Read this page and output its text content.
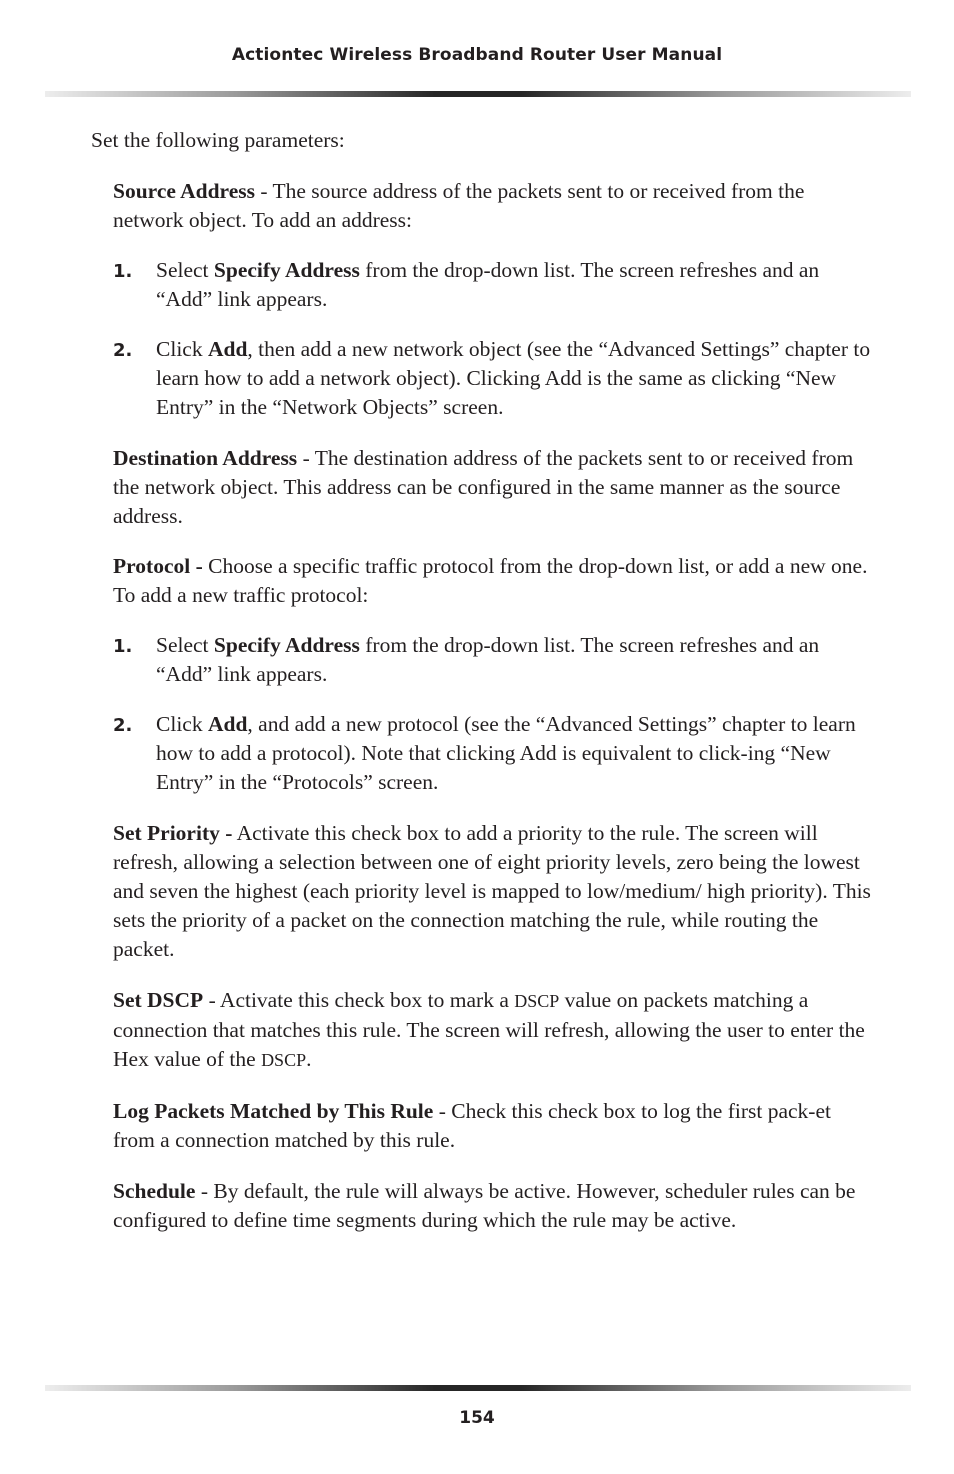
Actiontec Wireless Broadband Router User Manual

Set the following parameters:

Source Address - The source address of the packets sent to or received from the network object. To add an address:

1.	Select Specify Address from the drop-down list. The screen refreshes and an “Add” link appears.
2.	Click Add, then add a new network object (see the “Advanced Settings” chapter to learn how to add a network object). Clicking Add is the same as clicking “New Entry” in the “Network Objects” screen.

Destination Address - The destination address of the packets sent to or received from the network object. This address can be configured in the same manner as the source address.

Protocol - Choose a specific traffic protocol from the drop-down list, or add a new one. To add a new traffic protocol:

1.	Select Specify Address from the drop-down list. The screen refreshes and an “Add” link appears.
2.	Click Add, and add a new protocol (see the “Advanced Settings” chapter to learn how to add a protocol). Note that clicking Add is equivalent to click-ing “New Entry” in the “Protocols” screen.

Set Priority - Activate this check box to add a priority to the rule. The screen will refresh, allowing a selection between one of eight priority levels, zero being the lowest and seven the highest (each priority level is mapped to low/medium/ high priority). This sets the priority of a packet on the connection matching the rule, while routing the packet.

Set DSCP - Activate this check box to mark a DSCP value on packets matching a connection that matches this rule. The screen will refresh, allowing the user to enter the Hex value of the DSCP.

Log Packets Matched by This Rule - Check this check box to log the first pack-et from a connection matched by this rule.

Schedule - By default, the rule will always be active. However, scheduler rules can be configured to define time segments during which the rule may be active.

154
